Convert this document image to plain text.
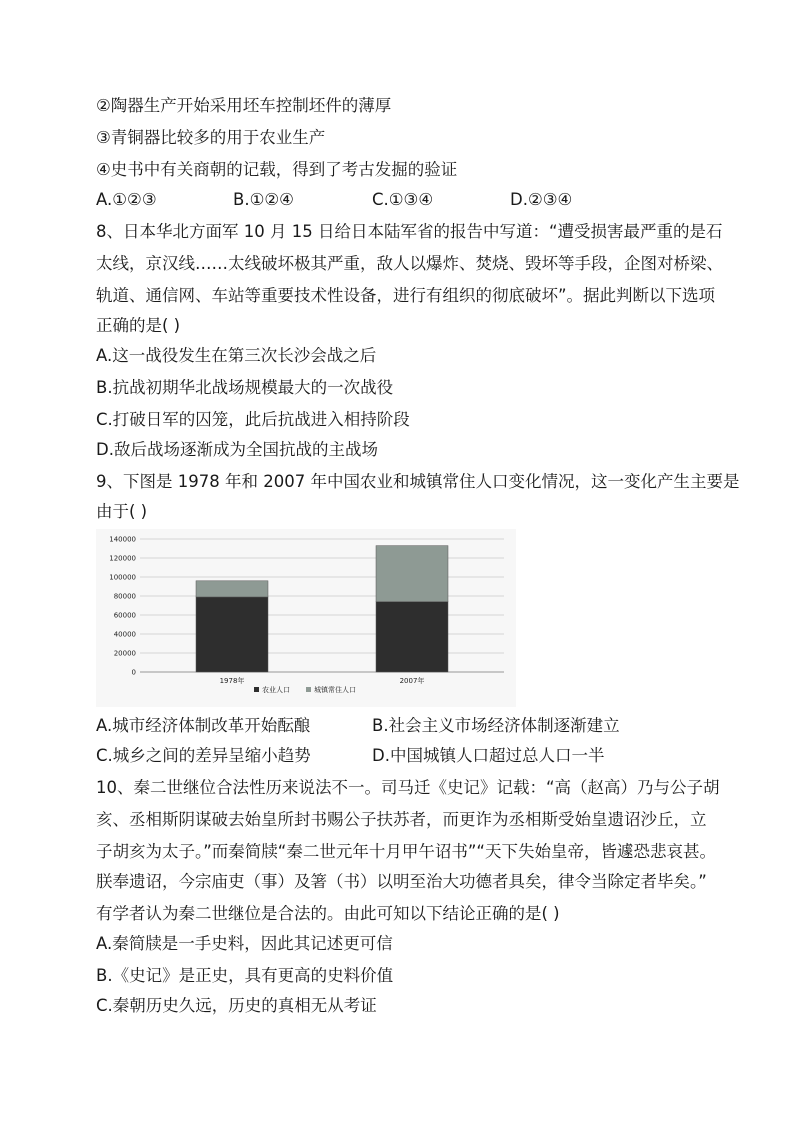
②陶器生产开始采用坯车控制坯件的薄厚
③青铜器比较多的用于农业生产
④史书中有关商朝的记载，得到了考古发掘的验证
A.①②③	B.①②④	C.①③④	D.②③④
8、日本华北方面军 10 月 15 日给日本陆军省的报告中写道：“遭受损害最严重的是石
太线，京汉线……太线破坏极其严重，敌人以爆炸、焚烧、毁坏等手段，企图对桥梁、
轨道、通信网、车站等重要技术性设备，进行有组织的彻底破坏”。据此判断以下选项
正确的是( )
A.这一战役发生在第三次长沙会战之后
B.抗战初期华北战场规模最大的一次战役
C.打破日军的囚笼，此后抗战进入相持阶段
D.敌后战场逐渐成为全国抗战的主战场
9、下图是 1978 年和 2007 年中国农业和城镇常住人口变化情况，这一变化产生主要是
由于( )
0
20000
40000
60000
80000
100000
120000
140000
1978年	2007年
农业人口	城镇常住人口
A.城市经济体制改革开始酝酿	B.社会主义市场经济体制逐渐建立
C.城乡之间的差异呈缩小趋势	D.中国城镇人口超过总人口一半
10、秦二世继位合法性历来说法不一。司马迁《史记》记载：“高（赵高）乃与公子胡
亥、丞相斯阴谋破去始皇所封书赐公子扶苏者，而更诈为丞相斯受始皇遗诏沙丘，立
子胡亥为太子。”而秦简牍“秦二世元年十月甲午诏书”“天下失始皇帝，皆遽恐悲哀甚。
朕奉遗诏，今宗庙吏（事）及箸（书）以明至治大功德者具矣，律令当除定者毕矣。”
有学者认为秦二世继位是合法的。由此可知以下结论正确的是( )
A.秦简牍是一手史料，因此其记述更可信
B.《史记》是正史，具有更高的史料价值
C.秦朝历史久远，历史的真相无从考证
